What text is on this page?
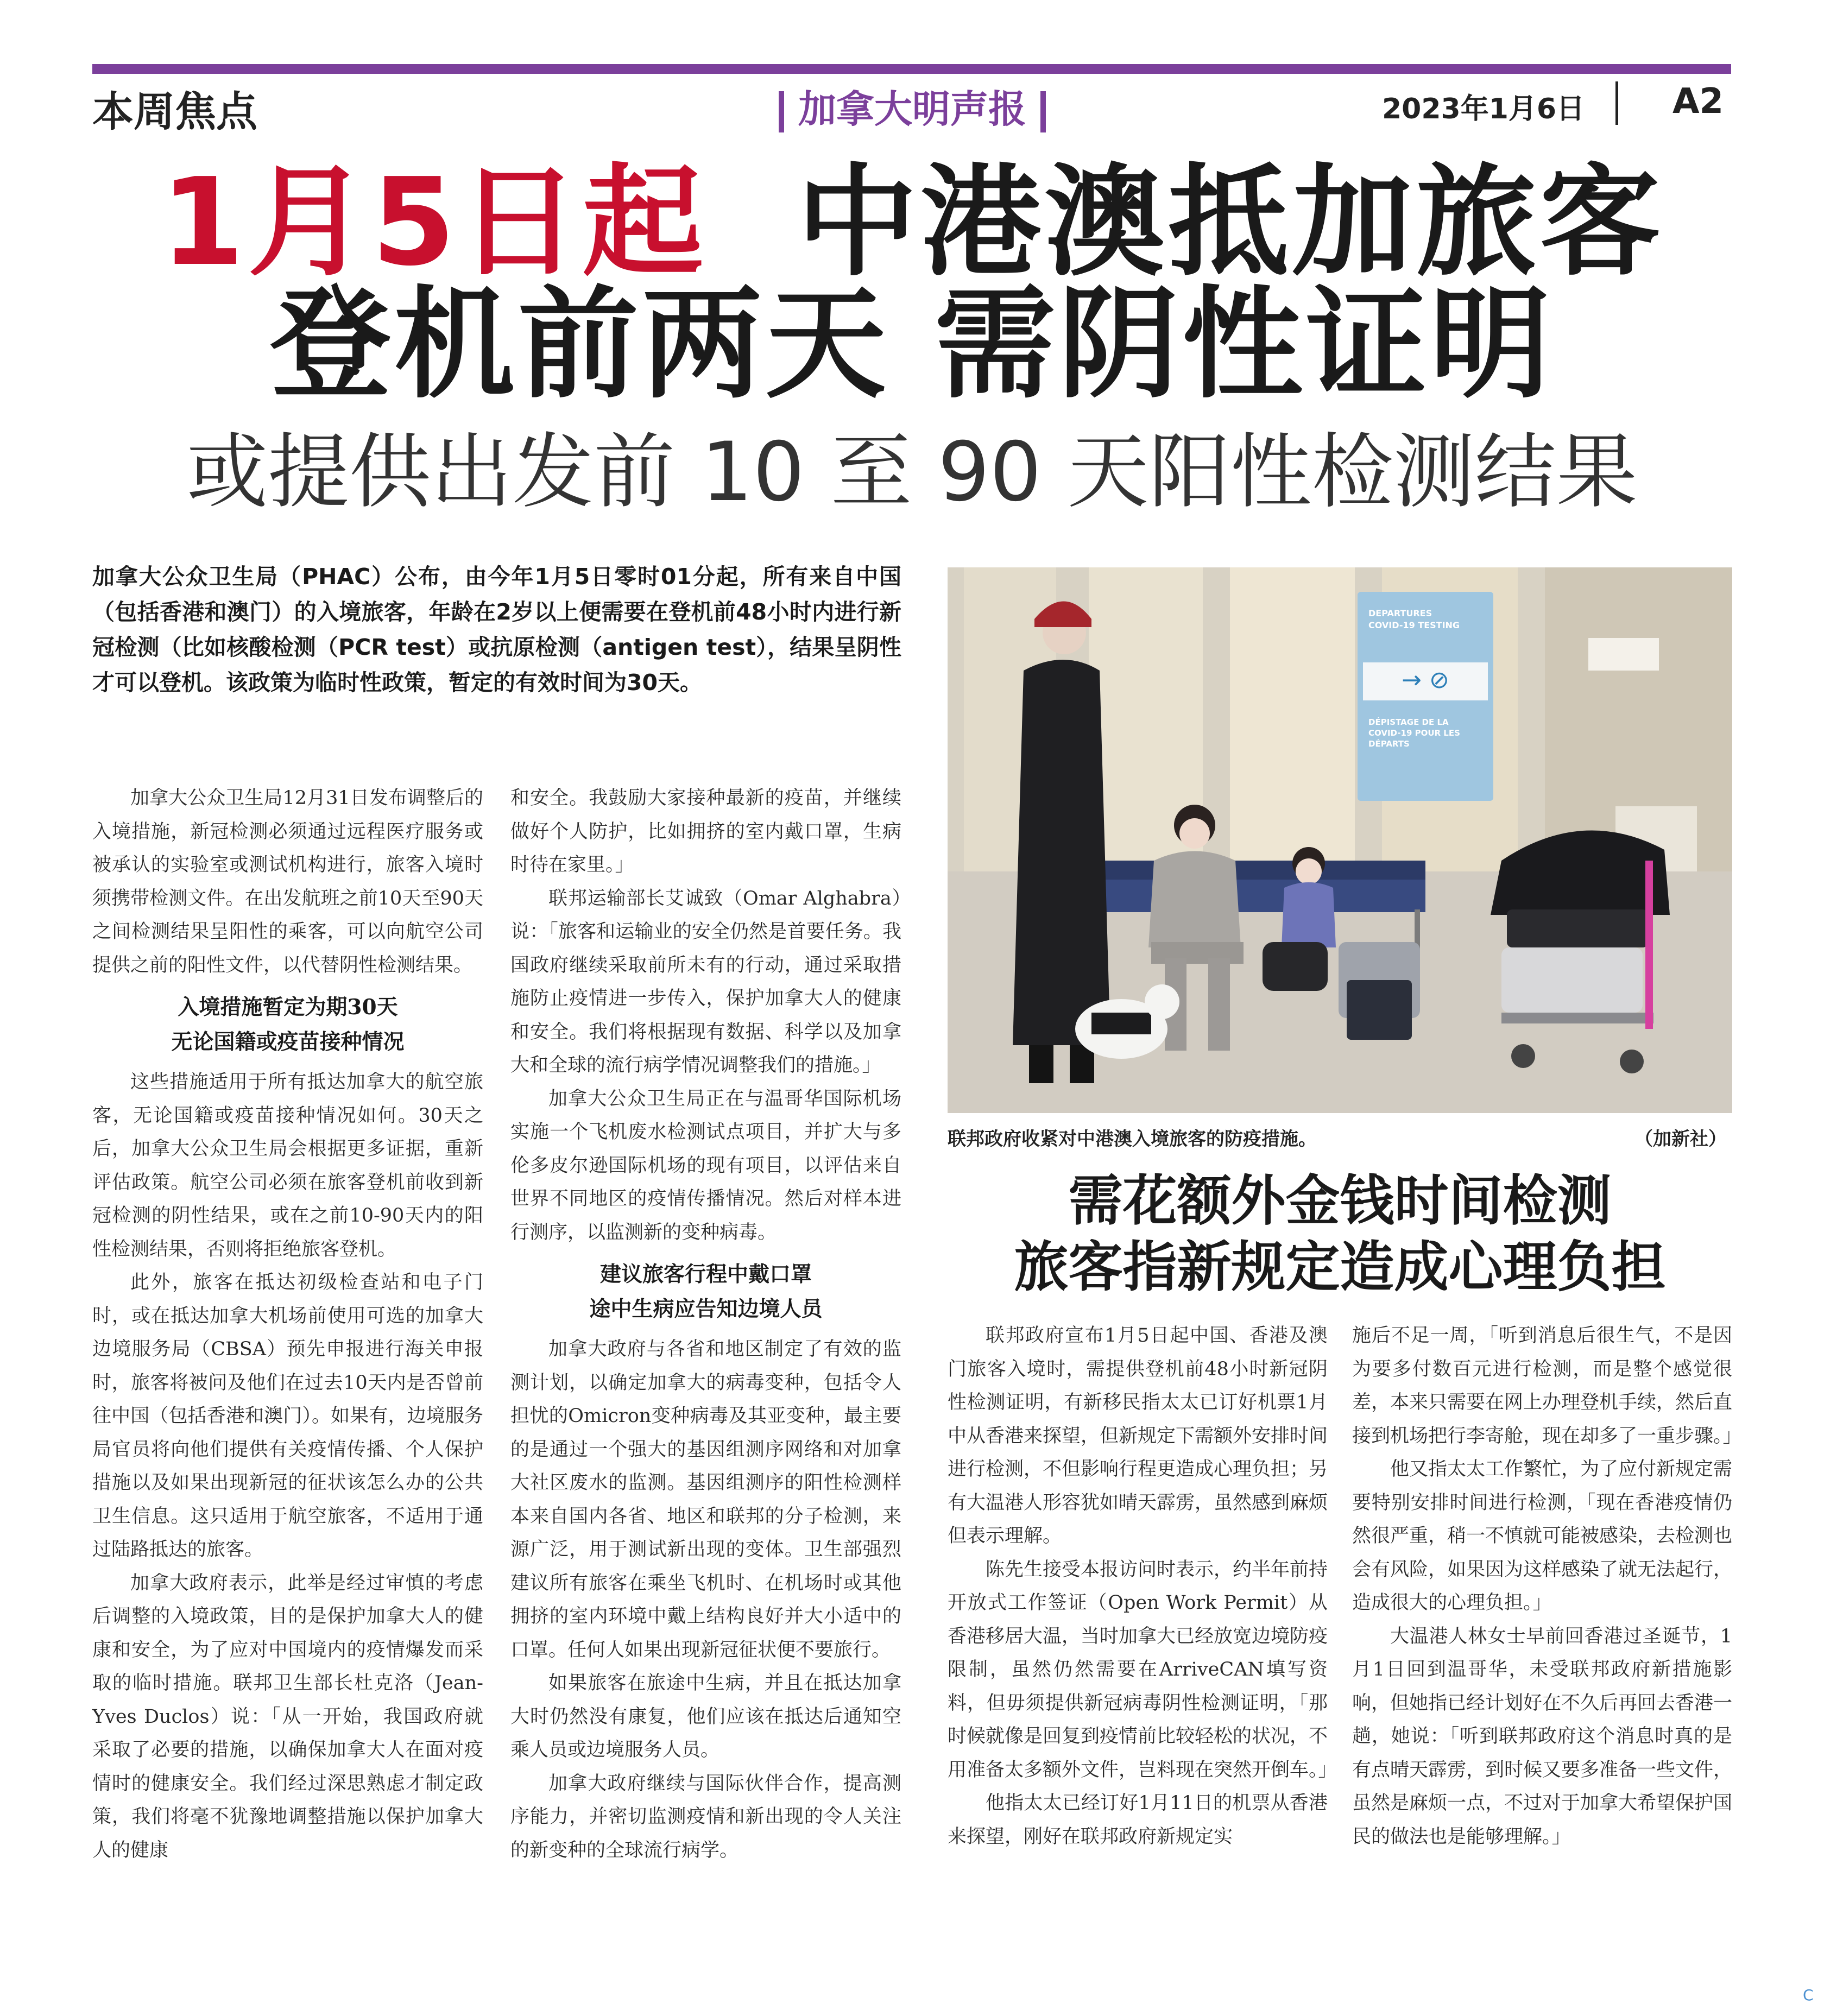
本周焦点	加拿大明声报	2023年1月6日	A2
1月5日起 中港澳抵加旅客
登机前两天 需阴性证明
或提供出发前 10 至 90 天阳性检测结果
加拿大公众卫生局（PHAC）公布，由今年1月5日零时01分起，所有来自中国（包括香港和澳门）的入境旅客，年龄在2岁以上便需要在登机前48小时内进行新冠检测（比如核酸检测（PCR test）或抗原检测（antigen test），结果呈阴性才可以登机。该政策为临时性政策，暂定的有效时间为30天。

加拿大公众卫生局12月31日发布调整后的入境措施，新冠检测必须通过远程医疗服务或被承认的实验室或测试机构进行，旅客入境时须携带检测文件。在出发航班之前10天至90天之间检测结果呈阳性的乘客，可以向航空公司提供之前的阳性文件，以代替阴性检测结果。

入境措施暂定为期30天
无论国籍或疫苗接种情况

这些措施适用于所有抵达加拿大的航空旅客，无论国籍或疫苗接种情况如何。30天之后，加拿大公众卫生局会根据更多证据，重新评估政策。航空公司必须在旅客登机前收到新冠检测的阴性结果，或在之前10-90天内的阳性检测结果，否则将拒绝旅客登机。

此外，旅客在抵达初级检查站和电子门时，或在抵达加拿大机场前使用可选的加拿大边境服务局（CBSA）预先申报进行海关申报时，旅客将被问及他们在过去10天内是否曾前往中国（包括香港和澳门）。如果有，边境服务局官员将向他们提供有关疫情传播、个人保护措施以及如果出现新冠的征状该怎么办的公共卫生信息。这只适用于航空旅客，不适用于通过陆路抵达的旅客。

加拿大政府表示，此举是经过审慎的考虑后调整的入境政策，目的是保护加拿大人的健康和安全，为了应对中国境内的疫情爆发而采取的临时措施。联邦卫生部长杜克洛（Jean-Yves Duclos）说：「从一开始，我国政府就采取了必要的措施，以确保加拿大人在面对疫情时的健康安全。我们经过深思熟虑才制定政策，我们将毫不犹豫地调整措施以保护加拿大人的健康

和安全。我鼓励大家接种最新的疫苗，并继续做好个人防护，比如拥挤的室内戴口罩，生病时待在家里。」

联邦运输部长艾诚致（Omar Alghabra）说：「旅客和运输业的安全仍然是首要任务。我国政府继续采取前所未有的行动，通过采取措施防止疫情进一步传入，保护加拿大人的健康和安全。我们将根据现有数据、科学以及加拿大和全球的流行病学情况调整我们的措施。」

加拿大公众卫生局正在与温哥华国际机场实施一个飞机废水检测试点项目，并扩大与多伦多皮尔逊国际机场的现有项目，以评估来自世界不同地区的疫情传播情况。然后对样本进行测序，以监测新的变种病毒。

建议旅客行程中戴口罩
途中生病应告知边境人员

加拿大政府与各省和地区制定了有效的监测计划，以确定加拿大的病毒变种，包括令人担忧的Omicron变种病毒及其亚变种，最主要的是通过一个强大的基因组测序网络和对加拿大社区废水的监测。基因组测序的阳性检测样本来自国内各省、地区和联邦的分子检测，来源广泛，用于测试新出现的变体。卫生部强烈建议所有旅客在乘坐飞机时、在机场时或其他拥挤的室内环境中戴上结构良好并大小适中的口罩。任何人如果出现新冠征状便不要旅行。

如果旅客在旅途中生病，并且在抵达加拿大时仍然没有康复，他们应该在抵达后通知空乘人员或边境服务人员。

加拿大政府继续与国际伙伴合作，提高测序能力，并密切监测疫情和新出现的令人关注的新变种的全球流行病学。

→ ⊘
DEPARTURES
COVID-19 TESTING
DÉPISTAGE DE LA
COVID-19 POUR LES
DÉPARTS
联邦政府收紧对中港澳入境旅客的防疫措施。	（加新社）
需花额外金钱时间检测
旅客指新规定造成心理负担

联邦政府宣布1月5日起中国、香港及澳门旅客入境时，需提供登机前48小时新冠阴性检测证明，有新移民指太太已订好机票1月中从香港来探望，但新规定下需额外安排时间进行检测，不但影响行程更造成心理负担；另有大温港人形容犹如晴天霹雳，虽然感到麻烦但表示理解。

陈先生接受本报访问时表示，约半年前持开放式工作签证（Open Work Permit）从香港移居大温，当时加拿大已经放宽边境防疫限制，虽然仍然需要在ArriveCAN填写资料，但毋须提供新冠病毒阴性检测证明，「那时候就像是回复到疫情前比较轻松的状况，不用准备太多额外文件，岂料现在突然开倒车。」

他指太太已经订好1月11日的机票从香港来探望，刚好在联邦政府新规定实

施后不足一周，「听到消息后很生气，不是因为要多付数百元进行检测，而是整个感觉很差，本来只需要在网上办理登机手续，然后直接到机场把行李寄舱，现在却多了一重步骤。」

他又指太太工作繁忙，为了应付新规定需要特别安排时间进行检测，「现在香港疫情仍然很严重，稍一不慎就可能被感染，去检测也会有风险，如果因为这样感染了就无法起行，造成很大的心理负担。」

大温港人林女士早前回香港过圣诞节，1月1日回到温哥华，未受联邦政府新措施影响，但她指已经计划好在不久后再回去香港一趟，她说：「听到联邦政府这个消息时真的是有点晴天霹雳，到时候又要多准备一些文件，虽然是麻烦一点，不过对于加拿大希望保护国民的做法也是能够理解。」

C
